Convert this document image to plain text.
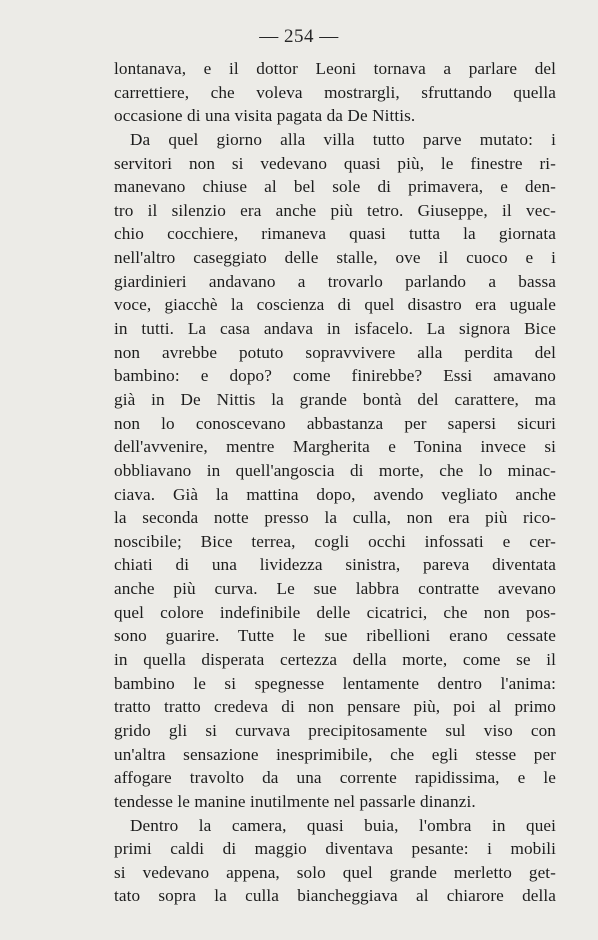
— 254 —
lontanava, e il dottor Leoni tornava a parlare del
carrettiere, che voleva mostrargli, sfruttando quella
occasione di una visita pagata da De Nittis.
Da quel giorno alla villa tutto parve mutato: i
servitori non si vedevano quasi più, le finestre ri-
manevano chiuse al bel sole di primavera, e den-
tro il silenzio era anche più tetro. Giuseppe, il vec-
chio cocchiere, rimaneva quasi tutta la giornata
nell'altro caseggiato delle stalle, ove il cuoco e i
giardinieri andavano a trovarlo parlando a bassa
voce, giacchè la coscienza di quel disastro era uguale
in tutti. La casa andava in isfacelo. La signora Bice
non avrebbe potuto sopravvivere alla perdita del
bambino: e dopo? come finirebbe? Essi amavano
già in De Nittis la grande bontà del carattere, ma
non lo conoscevano abbastanza per sapersi sicuri
dell'avvenire, mentre Margherita e Tonina invece si
obbliavano in quell'angoscia di morte, che lo minac-
ciava. Già la mattina dopo, avendo vegliato anche
la seconda notte presso la culla, non era più rico-
noscibile; Bice terrea, cogli occhi infossati e cer-
chiati di una lividezza sinistra, pareva diventata
anche più curva. Le sue labbra contratte avevano
quel colore indefinibile delle cicatrici, che non pos-
sono guarire. Tutte le sue ribellioni erano cessate
in quella disperata certezza della morte, come se il
bambino le si spegnesse lentamente dentro l'anima:
tratto tratto credeva di non pensare più, poi al primo
grido gli si curvava precipitosamente sul viso con
un'altra sensazione inesprimibile, che egli stesse per
affogare travolto da una corrente rapidissima, e le
tendesse le manine inutilmente nel passarle dinanzi.
Dentro la camera, quasi buia, l'ombra in quei
primi caldi di maggio diventava pesante: i mobili
si vedevano appena, solo quel grande merletto get-
tato sopra la culla biancheggiava al chiarore della
